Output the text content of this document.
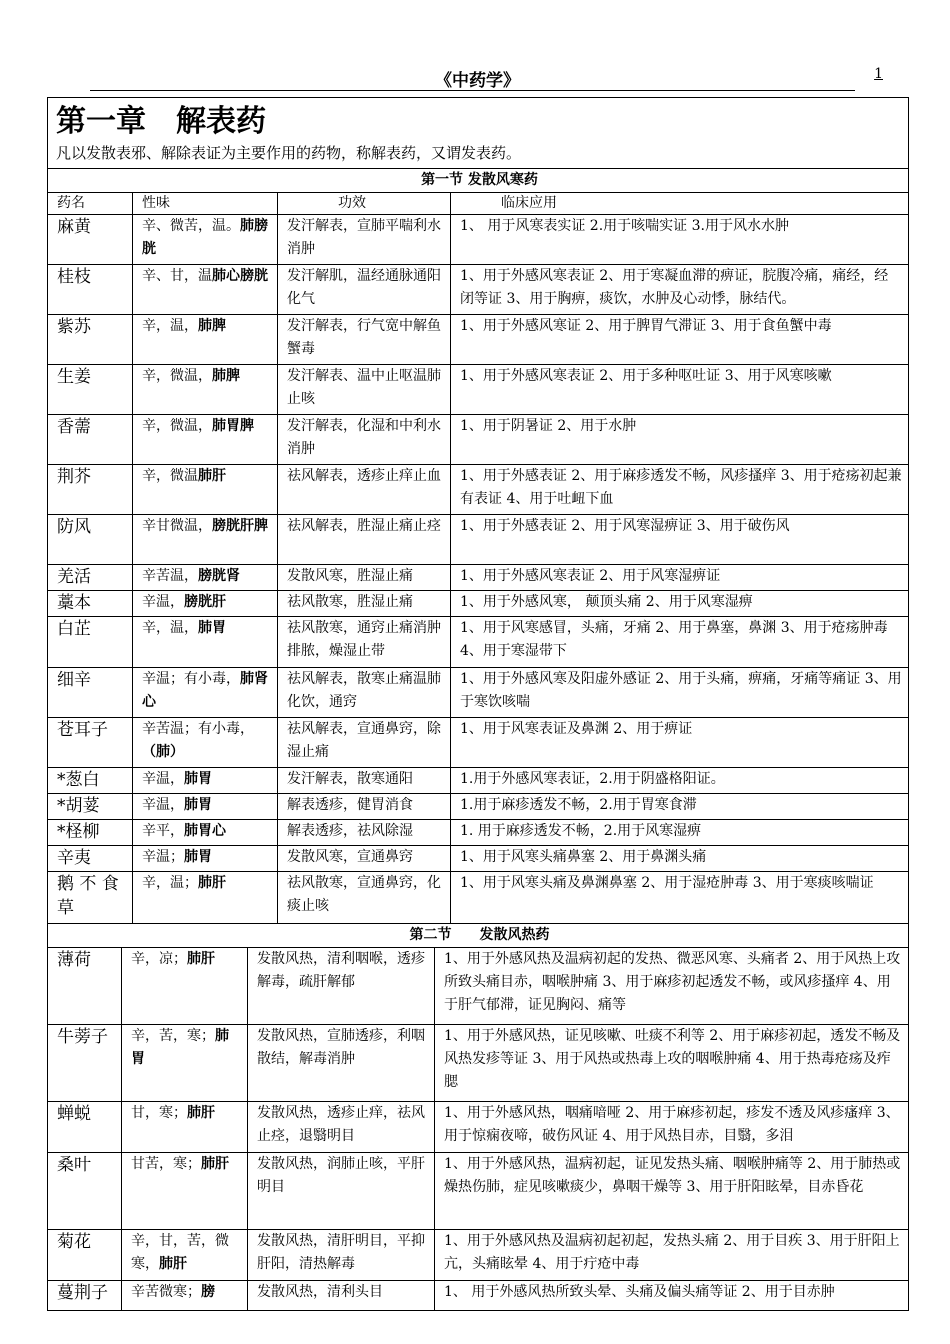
《中药学》	1
第一章　解表药
凡以发散表邪、解除表证为主要作用的药物，称解表药，又谓发表药。
第一节 发散风寒药			
药名	性味	功效	临床应用
麻黄	辛、微苦，温。肺膀胱	发汗解表，宣肺平喘利水消肿	1、 用于风寒表实证 2.用于咳喘实证 3.用于风水水肿
桂枝	辛、甘，温肺心膀胱	发汗解肌，温经通脉通阳化气	1、用于外感风寒表证 2、用于寒凝血滞的痹证，脘腹冷痛，痛经，经闭等证 3、用于胸痹，痰饮，水肿及心动悸，脉结代。
紫苏	辛，温，肺脾	发汗解表，行气宽中解鱼蟹毒	1、用于外感风寒证 2、用于脾胃气滞证 3、用于食鱼蟹中毒
生姜	辛，微温，肺脾	发汗解表、温中止呕温肺止咳	1、用于外感风寒表证 2、用于多种呕吐证 3、用于风寒咳嗽
香薷	辛，微温，肺胃脾	发汗解表，化湿和中利水消肿	1、用于阴暑证 2、用于水肿
荆芥	辛，微温肺肝	祛风解表，透疹止痒止血	1、用于外感表证 2、用于麻疹透发不畅，风疹搔痒 3、用于疮疡初起兼有表证 4、用于吐衄下血
防风	辛甘微温，膀胱肝脾	祛风解表，胜湿止痛止痉	1、用于外感表证 2、用于风寒湿痹证 3、用于破伤风
羌活	辛苦温，膀胱肾	发散风寒，胜湿止痛	1、用于外感风寒表证 2、用于风寒湿痹证
藁本	辛温，膀胱肝	祛风散寒，胜湿止痛	1、用于外感风寒， 颠顶头痛 2、用于风寒湿痹
白芷	辛，温，肺胃	祛风散寒，通窍止痛消肿排脓，燥湿止带	1、用于风寒感冒，头痛，牙痛 2、用于鼻塞，鼻渊 3、用于疮疡肿毒 4、用于寒湿带下
细辛	辛温；有小毒，肺肾心	祛风解表，散寒止痛温肺化饮，通窍	1、用于外感风寒及阳虚外感证 2、用于头痛，痹痛，牙痛等痛证 3、用于寒饮咳喘
苍耳子	辛苦温；有小毒，（肺）	祛风解表，宣通鼻窍，除湿止痛	1、用于风寒表证及鼻渊 2、用于痹证
*葱白	辛温，肺胃	发汗解表，散寒通阳	1.用于外感风寒表证，2.用于阴盛格阳证。
*胡荽	辛温，肺胃	解表透疹，健胃消食	1.用于麻疹透发不畅，2.用于胃寒食滞
*柽柳	辛平，肺胃心	解表透疹，祛风除湿	1. 用于麻疹透发不畅，2.用于风寒湿痹
辛夷	辛温；肺胃	发散风寒，宣通鼻窍	1、用于风寒头痛鼻塞 2、用于鼻渊头痛
鹅 不 食草	辛，温；肺肝	祛风散寒，宣通鼻窍，化痰止咳	1、用于风寒头痛及鼻渊鼻塞 2、用于湿疮肿毒 3、用于寒痰咳喘证
第二节　　发散风热药			
薄荷	辛，凉；肺肝	发散风热，清利咽喉，透疹解毒，疏肝解郁	1、用于外感风热及温病初起的发热、微恶风寒、头痛者 2、用于风热上攻所致头痛目赤，咽喉肿痛 3、用于麻疹初起透发不畅，或风疹搔痒 4、用于肝气郁滞，证见胸闷、痛等
牛蒡子	辛，苦，寒；肺胃	发散风热，宣肺透疹，利咽散结，解毒消肿	1、用于外感风热，证见咳嗽、吐痰不利等 2、用于麻疹初起，透发不畅及风热发疹等证 3、用于风热或热毒上攻的咽喉肿痛 4、用于热毒疮疡及痄腮
蝉蜕	甘，寒；肺肝	发散风热，透疹止痒，祛风止痉，退翳明目	1、用于外感风热，咽痛喑哑 2、用于麻疹初起，疹发不透及风疹瘙痒 3、用于惊痫夜啼，破伤风证 4、用于风热目赤，目翳，多泪
桑叶	甘苦，寒；肺肝	发散风热，润肺止咳，平肝明目	1、用于外感风热，温病初起，证见发热头痛、咽喉肿痛等 2、用于肺热或燥热伤肺，症见咳嗽痰少，鼻咽干燥等 3、用于肝阳眩晕，目赤昏花
菊花	辛，甘，苦，微寒，肺肝	发散风热，清肝明目，平抑肝阳，清热解毒	1、用于外感风热及温病初起初起，发热头痛 2、用于目疾 3、用于肝阳上亢，头痛眩晕 4、用于疔疮中毒
蔓荆子	辛苦微寒；膀	发散风热，清利头目	1、 用于外感风热所致头晕、头痛及偏头痛等证 2、用于目赤肿
